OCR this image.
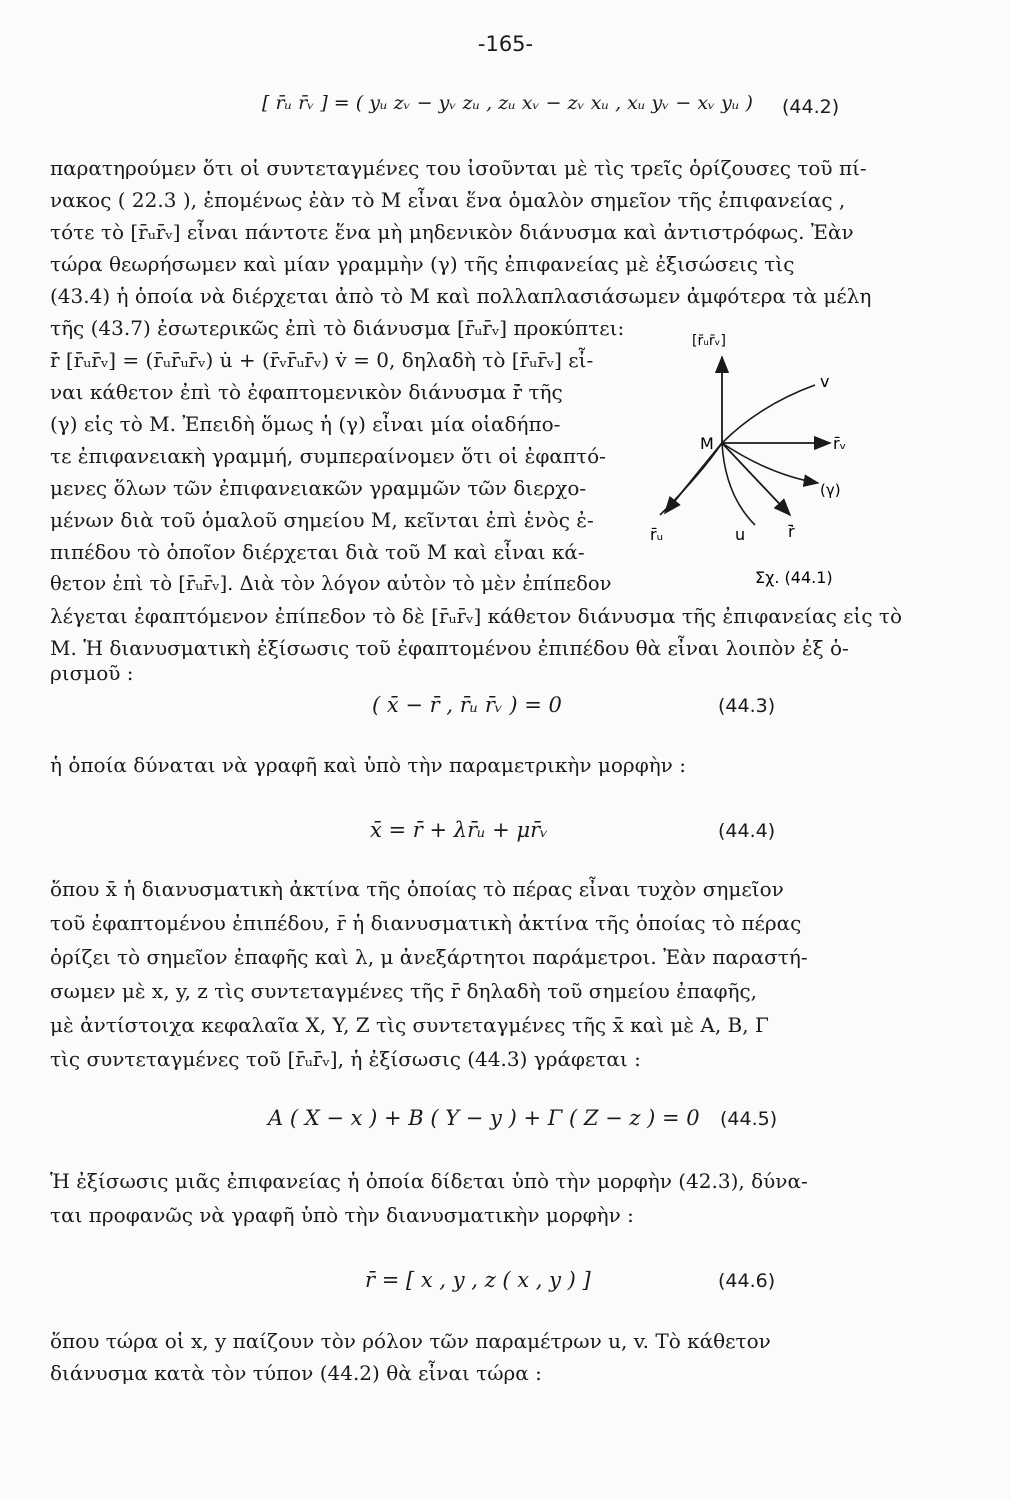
-165-
[ r̄ᵤ r̄ᵥ ] = ( yᵤ zᵥ − yᵥ zᵤ , zᵤ xᵥ − zᵥ xᵤ , xᵤ yᵥ − xᵥ yᵤ ) (44.2)
παρατηρούμεν ὅτι οἱ συντεταγμένες του ἰσοῦνται μὲ τὶς τρεῖς ὁρίζουσες τοῦ πί-
νακος ( 22.3 ), ἑπομένως ἐὰν τὸ Μ εἶναι ἕνα ὁμαλὸν σημεῖον τῆς ἐπιφανείας ,
τότε τὸ [r̄ᵤr̄ᵥ] εἶναι πάντοτε ἕνα μὴ μηδενικὸν διάνυσμα καὶ ἀντιστρόφως. Ἐὰν
τώρα θεωρήσωμεν καὶ μίαν γραμμὴν (γ) τῆς ἐπιφανείας μὲ ἐξισώσεις τὶς
(43.4) ἡ ὁποία νὰ διέρχεται ἀπὸ τὸ Μ καὶ πολλαπλασιάσωμεν ἀμφότερα τὰ μέλη
τῆς (43.7) ἐσωτερικῶς ἐπὶ τὸ διάνυσμα [r̄ᵤr̄ᵥ] προκύπτει:
ṙ̄ [r̄ᵤr̄ᵥ] = (r̄ᵤr̄ᵤr̄ᵥ) u̇ + (r̄ᵥr̄ᵤr̄ᵥ) v̇ = 0, δηλαδὴ τὸ [r̄ᵤr̄ᵥ] εἶ-
ναι κάθετον ἐπὶ τὸ ἐφαπτομενικὸν διάνυσμα ṙ̄ τῆς
(γ) εἰς τὸ Μ. Ἐπειδὴ ὅμως ἡ (γ) εἶναι μία οἱαδήπο-
τε ἐπιφανειακὴ γραμμή, συμπεραίνομεν ὅτι οἱ ἐφαπτό-
μενες ὅλων τῶν ἐπιφανειακῶν γραμμῶν τῶν διερχο-
μένων διὰ τοῦ ὁμαλοῦ σημείου Μ, κεῖνται ἐπὶ ἑνὸς ἐ-
πιπέδου τὸ ὁποῖον διέρχεται διὰ τοῦ Μ καὶ εἶναι κά-
θετον ἐπὶ τὸ [r̄ᵤr̄ᵥ]. Διὰ τὸν λόγον αὐτὸν τὸ μὲν ἐπίπεδον
λέγεται ἐφαπτόμενον ἐπίπεδον τὸ δὲ [r̄ᵤr̄ᵥ] κάθετον διάνυσμα τῆς ἐπιφανείας εἰς τὸ
Μ. Ἡ διανυσματικὴ ἐξίσωσις τοῦ ἐφαπτομένου ἐπιπέδου θὰ εἶναι λοιπὸν ἐξ ὁ-
ρισμοῦ :
[r̄ᵤr̄ᵥ]
v
r̄ᵥ
(γ)
u
r̄ᵤ	ṙ̄
M
Σχ. (44.1)
( x̄ − r̄ , r̄ᵤ r̄ᵥ ) = 0	(44.3)
ἡ ὁποία δύναται νὰ γραφῆ καὶ ὑπὸ τὴν παραμετρικὴν μορφὴν :
x̄ = r̄ + λr̄ᵤ + μr̄ᵥ	(44.4)
ὅπου x̄ ἡ διανυσματικὴ ἀκτίνα τῆς ὁποίας τὸ πέρας εἶναι τυχὸν σημεῖον
τοῦ ἐφαπτομένου ἐπιπέδου, r̄ ἡ διανυσματικὴ ἀκτίνα τῆς ὁποίας τὸ πέρας
ὁρίζει τὸ σημεῖον ἐπαφῆς καὶ λ, μ ἀνεξάρτητοι παράμετροι. Ἐὰν παραστή-
σωμεν μὲ x, y, z τὶς συντεταγμένες τῆς r̄ δηλαδὴ τοῦ σημείου ἐπαφῆς,
μὲ ἀντίστοιχα κεφαλαῖα X, Y, Z τὶς συντεταγμένες τῆς x̄ καὶ μὲ A, B, Γ
τὶς συντεταγμένες τοῦ [r̄ᵤr̄ᵥ], ἡ ἐξίσωσις (44.3) γράφεται :
A ( X − x ) + B ( Y − y ) + Γ ( Z − z ) = 0 (44.5)
Ἡ ἐξίσωσις μιᾶς ἐπιφανείας ἡ ὁποία δίδεται ὑπὸ τὴν μορφὴν (42.3), δύνα-
ται προφανῶς νὰ γραφῆ ὑπὸ τὴν διανυσματικὴν μορφὴν :
r̄ = [ x , y , z ( x , y ) ]	(44.6)
ὅπου τώρα οἱ x, y παίζουν τὸν ρόλον τῶν παραμέτρων u, v. Τὸ κάθετον
διάνυσμα κατὰ τὸν τύπον (44.2) θὰ εἶναι τώρα :
